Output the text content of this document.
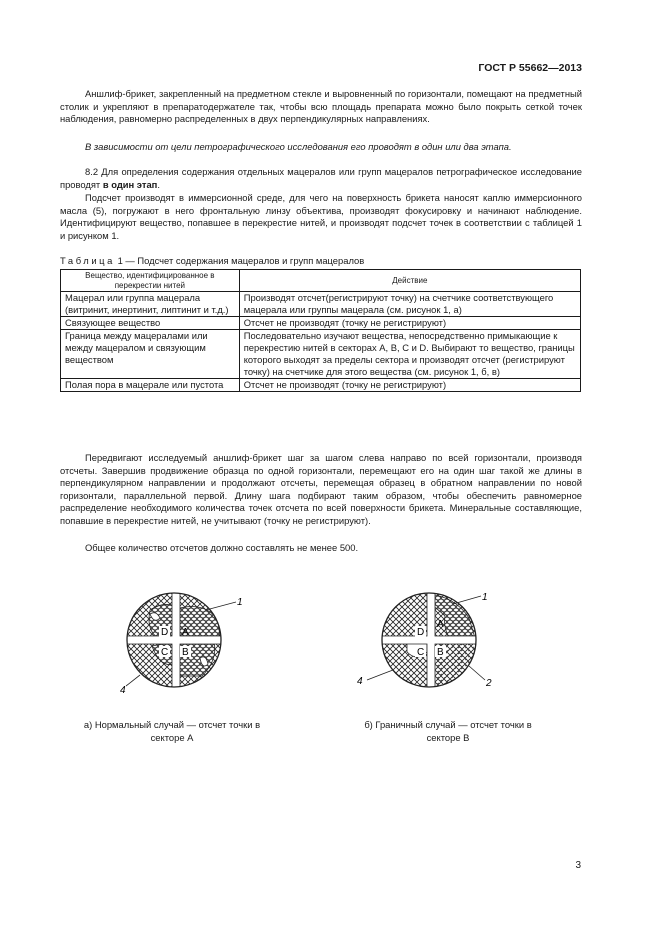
ГОСТ Р 55662—2013
Аншлиф-брикет, закрепленный на предметном стекле и выровненный по горизонтали, помещают на предметный столик и укрепляют в препаратодержателе так, чтобы всю площадь препарата можно было покрыть сеткой точек наблюдения, равномерно распределенных в двух перпендикулярных направлениях.
В зависимости от цели петрографического исследования его проводят в один или два этапа.
8.2 Для определения содержания отдельных мацералов или групп мацералов петрографическое исследование проводят в один этап.
Подсчет производят в иммерсионной среде, для чего на поверхность брикета наносят каплю иммерсионного масла (5), погружают в него фронтальную линзу объектива, производят фокусировку и начинают наблюдение. Идентифицируют вещество, попавшее в перекрестие нитей, и производят подсчет точек в соответствии с таблицей 1 и рисунком 1.
Таблица 1 — Подсчет содержания мацералов и групп мацералов
Вещество, идентифицированное в перекрестии нитей	Действие
Мацерал или группа мацерала (витринит, инертинит, липтинит и т.д.)	Производят отсчет(регистрируют точку) на счетчике соответствующего мацерала или группы мацерала (см. рисунок 1, а)
Связующее вещество	Отсчет не производят (точку не регистрируют)
Граница между мацералами или между мацералом и связующим веществом	Последовательно изучают вещества, непосредственно примыкающие к перекрестию нитей в секторах А, В, С и D. Выбирают то вещество, границы которого выходят за пределы сектора и производят отсчет (регистрируют точку) на счетчике для этого вещества (см. рисунок 1, б, в)
Полая пора в мацерале или пустота	Отсчет не производят (точку не регистрируют)
Передвигают исследуемый аншлиф-брикет шаг за шагом слева направо по всей горизонтали, производя отсчеты. Завершив продвижение образца по одной горизонтали, перемещают его на один шаг такой же длины в перпендикулярном направлении и продолжают отсчеты, перемещая образец в обратном направлении по новой горизонтали, параллельной первой. Длину шага подбирают таким образом, чтобы обеспечить равномерное распределение необходимого количества точек отсчета по всей поверхности брикета. Минеральные составляющие, попавшие в перекрестие нитей, не учитывают (точку не регистрируют).
Общее количество отсчетов должно составлять не менее 500.
D A
C B
1
4
D
A
C B
1
4	2
а) Нормальный случай — отсчет точки в секторе А
б) Граничный случай — отсчет точки в секторе В
3
